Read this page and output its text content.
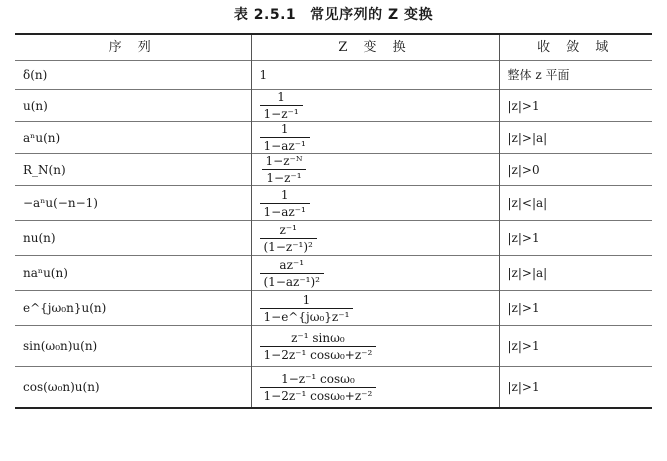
表 2.5.1 常见序列的 Z 变换
序 列	Z 变 换	收 敛 域
δ(n)	1	整体 z 平面
u(n)	$\frac{1}{\text{1−z⁻¹}}$	|z|>1
aⁿu(n)	$\frac{1}{\text{1−az⁻¹}}$	|z|>|a|
R_N(n)	$\frac{\text{1−z⁻ᴺ}}{\text{1−z⁻¹}}$	|z|>0
−aⁿu(−n−1)	$\frac{1}{\text{1−az⁻¹}}$	|z|<|a|
nu(n)	$\frac{\text{z⁻¹}}{\text{(1−z⁻¹)²}}$	|z|>1
naⁿu(n)	$\frac{\text{az⁻¹}}{\text{(1−az⁻¹)²}}$	|z|>|a|
e^{jω₀n}u(n)	$\frac{1}{\text{1−e\textasciicircum{}\{jω₀\}z⁻¹}}$	|z|>1
sin(ω₀n)u(n)	$\frac{\text{z⁻¹ sinω₀}}{\text{1−2z⁻¹ cosω₀+z⁻²}}$	|z|>1
cos(ω₀n)u(n)	$\frac{\text{1−z⁻¹ cosω₀}}{\text{1−2z⁻¹ cosω₀+z⁻²}}$	|z|>1
